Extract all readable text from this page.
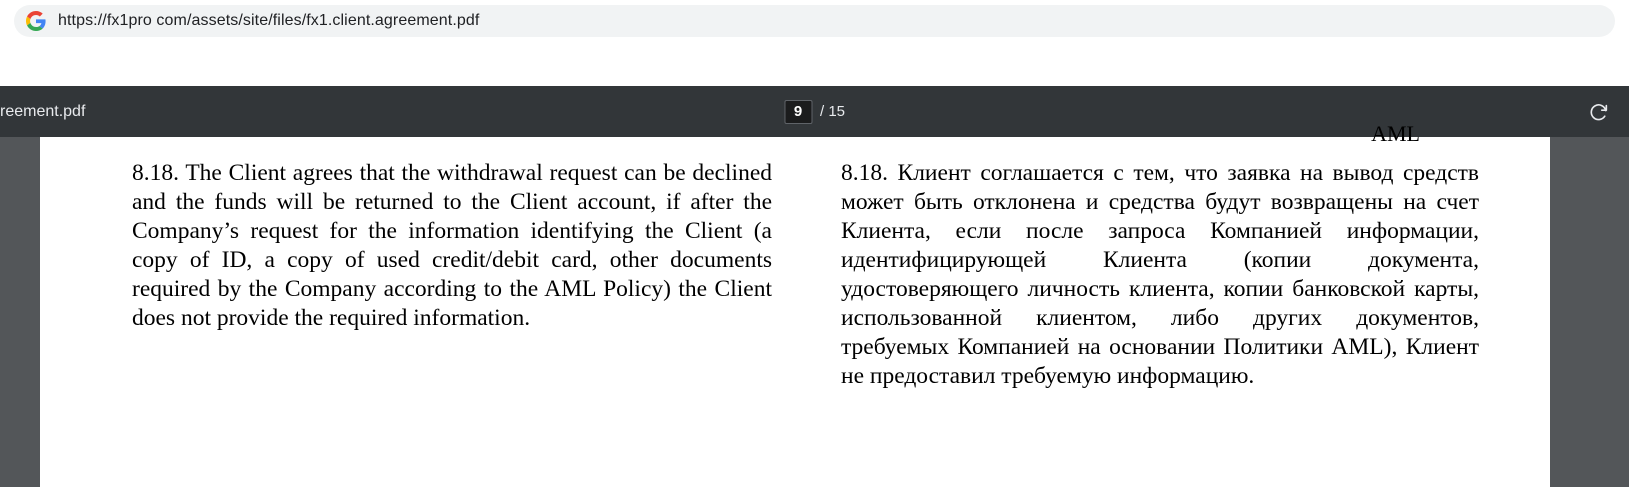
https://fx1pro com/assets/site/files/fx1.client.agreement.pdf
reement.pdf	9	/ 15
AML

8.18. The Client agrees that the withdrawal request can be declined and the funds will be returned to the Client account, if after the Company’s request for the information identifying the Client (a copy of ID, a copy of used credit/debit card, other documents required by the Company according to the AML Policy) the Client does not provide the required information.

8.18. Клиент соглашается с тем, что заявка на вывод средств может быть отклонена и средства будут возвращены на счет Клиента, если после запроса Компанией информации, идентифицирующей Клиента (копии документа, удостоверяющего личность клиента, копии банковской карты, использованной клиентом, либо других документов, требуемых Компанией на основании Политики AML), Клиент не предоставил требуемую информацию.
